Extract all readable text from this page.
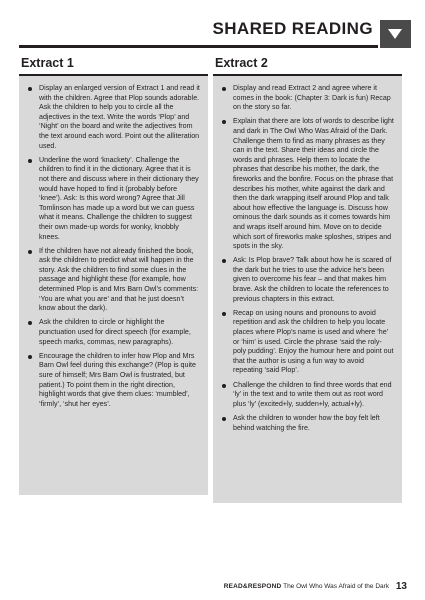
SHARED READING
Extract 1
Display an enlarged version of Extract 1 and read it with the children. Agree that Plop sounds adorable. Ask the children to help you to circle all the adjectives in the text. Write the words ‘Plop’ and ‘Night’ on the board and write the adjectives from the text around each word. Point out the alliteration used.
Underline the word ‘knackety’. Challenge the children to find it in the dictionary. Agree that it is not there and discuss where in their dictionary they would have hoped to find it (probably before ‘knee’). Ask: Is this word wrong? Agree that Jill Tomlinson has made up a word but we can guess what it means. Challenge the children to suggest their own made-up words for wonky, knobbly knees.
If the children have not already finished the book, ask the children to predict what will happen in the story. Ask the children to find some clues in the passage and highlight these (for example, how determined Plop is and Mrs Barn Owl’s comments: ‘You are what you are’ and that he just doesn’t know about the dark).
Ask the children to circle or highlight the punctuation used for direct speech (for example, speech marks, commas, new paragraphs).
Encourage the children to infer how Plop and Mrs Barn Owl feel during this exchange? (Plop is quite sure of himself; Mrs Barn Owl is frustrated, but patient.) To point them in the right direction, highlight words that give them clues: ‘mumbled’, ‘firmly’, ‘shut her eyes’.
Extract 2
Display and read Extract 2 and agree where it comes in the book: (Chapter 3: Dark is fun) Recap on the story so far.
Explain that there are lots of words to describe light and dark in The Owl Who Was Afraid of the Dark. Challenge them to find as many phrases as they can in the text. Share their ideas and circle the words and phrases. Help them to locate the phrases that describe his mother, the dark, the fireworks and the bonfire. Focus on the phrase that describes his mother, white against the dark and then the dark wrapping itself around Plop and talk about how effective the language is. Discuss how ominous the dark sounds as it comes towards him and wraps itself around him. Move on to decide which sort of fireworks make sploshes, stripes and spots in the sky.
Ask: Is Plop brave? Talk about how he is scared of the dark but he tries to use the advice he’s been given to overcome his fear – and that makes him brave. Ask the children to locate the references to previous chapters in this extract.
Recap on using nouns and pronouns to avoid repetition and ask the children to help you locate places where Plop’s name is used and where ‘he’ or ‘him’ is used. Circle the phrase ‘said the roly-poly pudding’. Enjoy the humour here and point out that the author is using a fun way to avoid repeating ‘said Plop’.
Challenge the children to find three words that end ‘ly’ in the text and to write them out as root word plus ‘ly’ (excited+ly, sudden+ly, actual+ly).
Ask the children to wonder how the boy felt left behind watching the fire.
READ&RESPOND The Owl Who Was Afraid of the Dark 13
